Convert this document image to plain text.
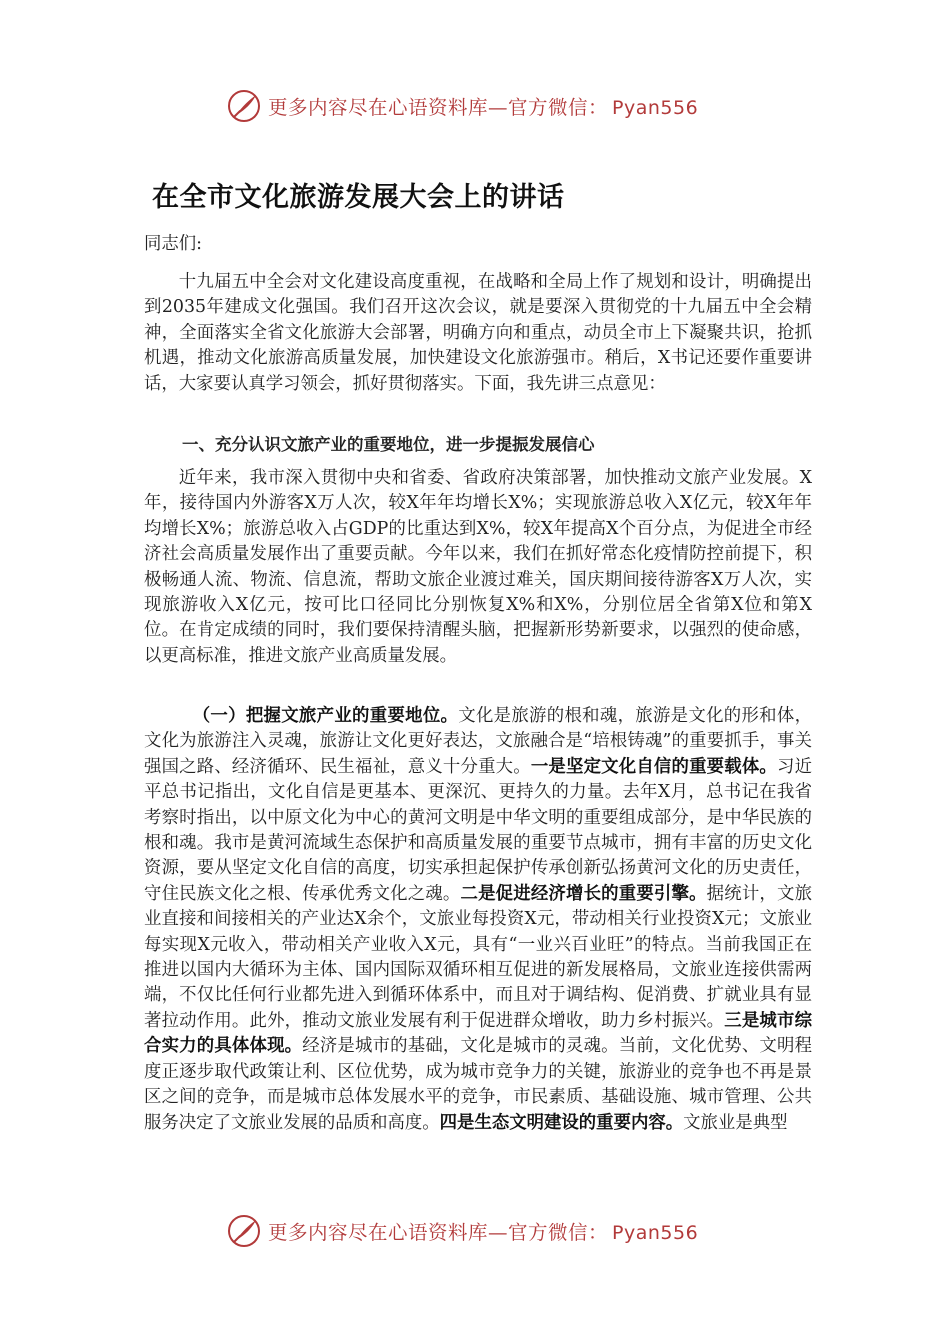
更多内容尽在心语资料库—官方微信： Pyan556
在全市文化旅游发展大会上的讲话
同志们:
十九届五中全会对文化建设高度重视，在战略和全局上作了规划和设计，明确提出到2035年建成文化强国。我们召开这次会议，就是要深入贯彻党的十九届五中全会精神，全面落实全省文化旅游大会部署，明确方向和重点，动员全市上下凝聚共识，抢抓机遇，推动文化旅游高质量发展，加快建设文化旅游强市。稍后，X书记还要作重要讲话，大家要认真学习领会，抓好贯彻落实。下面，我先讲三点意见：
一、充分认识文旅产业的重要地位，进一步提振发展信心
近年来，我市深入贯彻中央和省委、省政府决策部署，加快推动文旅产业发展。X年，接待国内外游客X万人次，较X年年均增长X%；实现旅游总收入X亿元，较X年年均增长X%；旅游总收入占GDP的比重达到X%，较X年提高X个百分点，为促进全市经济社会高质量发展作出了重要贡献。今年以来，我们在抓好常态化疫情防控前提下，积极畅通人流、物流、信息流，帮助文旅企业渡过难关，国庆期间接待游客X万人次，实现旅游收入X亿元，按可比口径同比分别恢复X%和X%，分别位居全省第X位和第X位。在肯定成绩的同时，我们要保持清醒头脑，把握新形势新要求，以强烈的使命感，以更高标准，推进文旅产业高质量发展。
（一）把握文旅产业的重要地位。文化是旅游的根和魂，旅游是文化的形和体，文化为旅游注入灵魂，旅游让文化更好表达，文旅融合是“培根铸魂”的重要抓手，事关强国之路、经济循环、民生福祉，意义十分重大。一是坚定文化自信的重要载体。习近平总书记指出，文化自信是更基本、更深沉、更持久的力量。去年X月，总书记在我省考察时指出，以中原文化为中心的黄河文明是中华文明的重要组成部分，是中华民族的根和魂。我市是黄河流域生态保护和高质量发展的重要节点城市，拥有丰富的历史文化资源，要从坚定文化自信的高度，切实承担起保护传承创新弘扬黄河文化的历史责任，守住民族文化之根、传承优秀文化之魂。二是促进经济增长的重要引擎。据统计，文旅业直接和间接相关的产业达X余个，文旅业每投资X元，带动相关行业投资X元；文旅业每实现X元收入，带动相关产业收入X元，具有“一业兴百业旺”的特点。当前我国正在推进以国内大循环为主体、国内国际双循环相互促进的新发展格局，文旅业连接供需两端，不仅比任何行业都先进入到循环体系中，而且对于调结构、促消费、扩就业具有显著拉动作用。此外，推动文旅业发展有利于促进群众增收，助力乡村振兴。三是城市综合实力的具体体现。经济是城市的基础，文化是城市的灵魂。当前，文化优势、文明程度正逐步取代政策让利、区位优势，成为城市竞争力的关键，旅游业的竞争也不再是景区之间的竞争，而是城市总体发展水平的竞争，市民素质、基础设施、城市管理、公共服务决定了文旅业发展的品质和高度。四是生态文明建设的重要内容。文旅业是典型
更多内容尽在心语资料库—官方微信： Pyan556
